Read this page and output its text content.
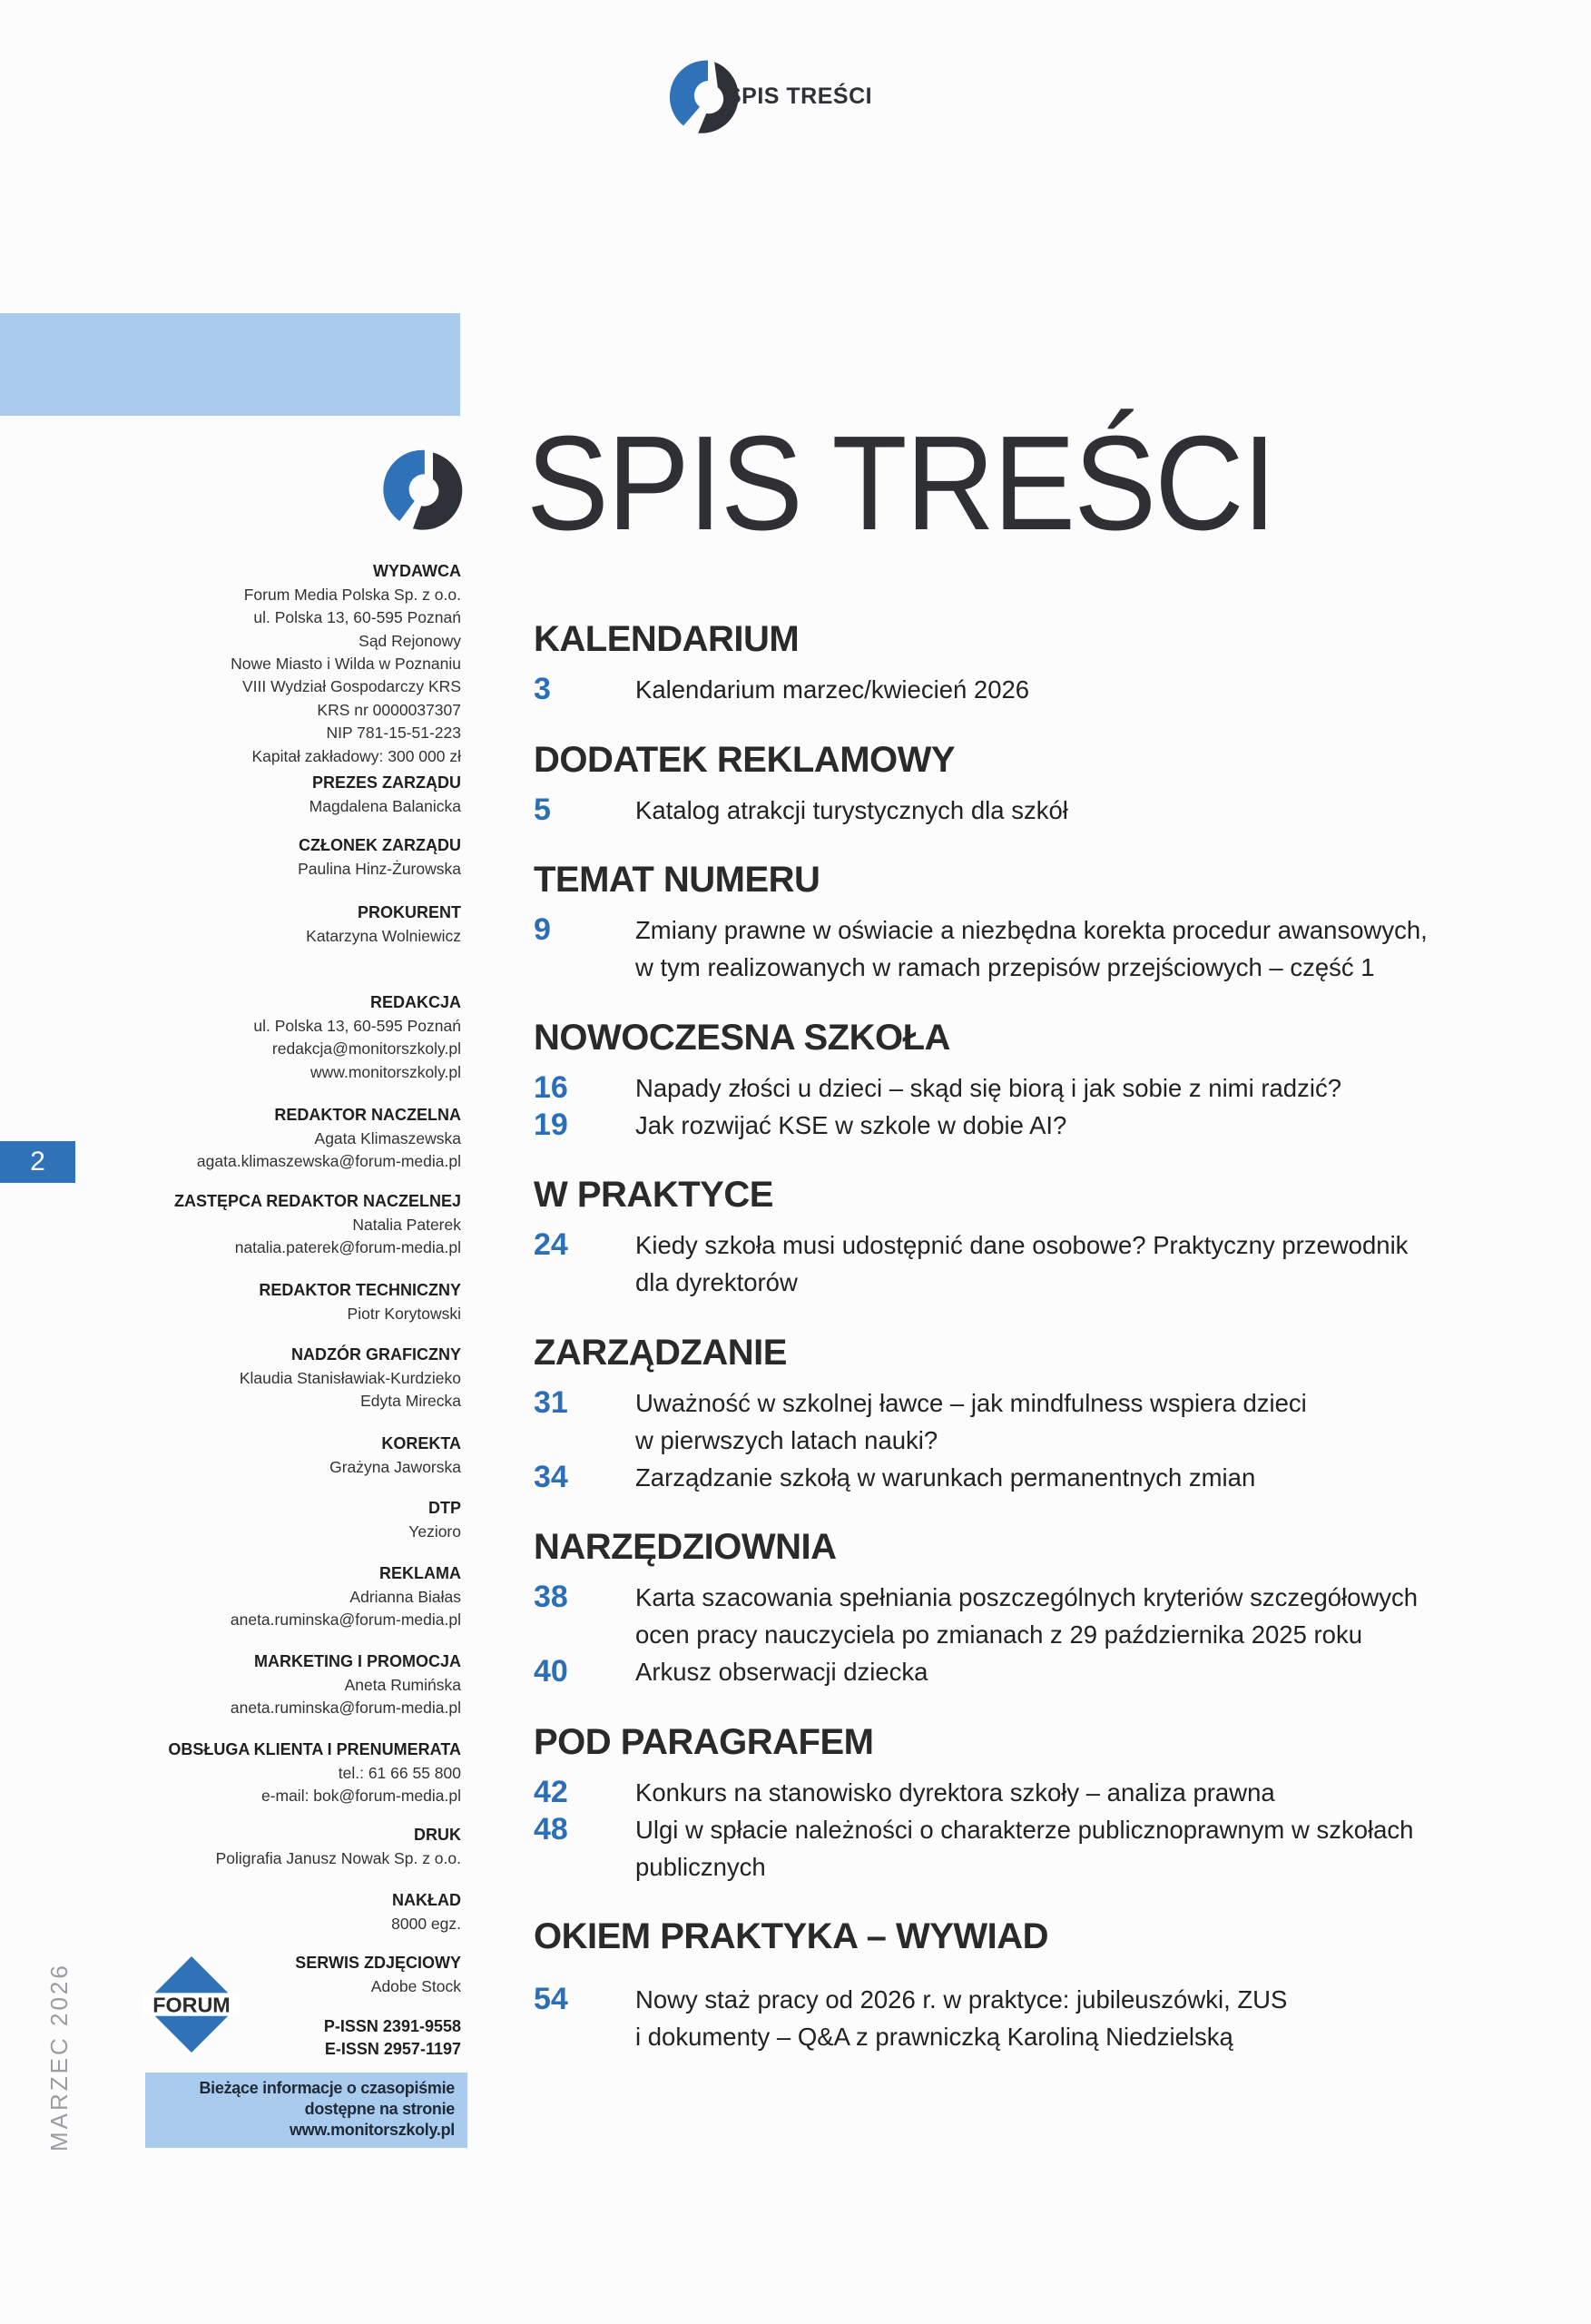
SPIS TREŚCI
SPIS TREŚCI
WYDAWCA
Forum Media Polska Sp. z o.o.
ul. Polska 13, 60-595 Poznań
Sąd Rejonowy
Nowe Miasto i Wilda w Poznaniu
VIII Wydział Gospodarczy KRS
KRS nr 0000037307
NIP 781-15-51-223
Kapitał zakładowy: 300 000 zł
PREZES ZARZĄDU
Magdalena Balanicka
CZŁONEK ZARZĄDU
Paulina Hinz-Żurowska
PROKURENT
Katarzyna Wolniewicz
REDAKCJA
ul. Polska 13, 60-595 Poznań
redakcja@monitorszkoly.pl
www.monitorszkoly.pl
REDAKTOR NACZELNA
Agata Klimaszewska
agata.klimaszewska@forum-media.pl
ZASTĘPCA REDAKTOR NACZELNEJ
Natalia Paterek
natalia.paterek@forum-media.pl
REDAKTOR TECHNICZNY
Piotr Korytowski
NADZÓR GRAFICZNY
Klaudia Stanisławiak-Kurdzieko
Edyta Mirecka
KOREKTA
Grażyna Jaworska
DTP
Yezioro
REKLAMA
Adrianna Białas
aneta.ruminska@forum-media.pl
MARKETING I PROMOCJA
Aneta Rumińska
aneta.ruminska@forum-media.pl
OBSŁUGA KLIENTA I PRENUMERATA
tel.: 61 66 55 800
e-mail: bok@forum-media.pl
DRUK
Poligrafia Janusz Nowak Sp. z o.o.
NAKŁAD
8000 egz.
SERWIS ZDJĘCIOWY
Adobe Stock
2
MARZEC 2026	FORUM
P-ISSN 2391-9558
E-ISSN 2957-1197
Bieżące informacje o czasopiśmie
dostępne na stronie
www.monitorszkoly.pl
KALENDARIUM
3	Kalendarium marzec/kwiecień 2026
DODATEK REKLAMOWY
5	Katalog atrakcji turystycznych dla szkół
TEMAT NUMERU
9	Zmiany prawne w oświacie a niezbędna korekta procedur awansowych,
w tym realizowanych w ramach przepisów przejściowych – część 1
NOWOCZESNA SZKOŁA
16	Napady złości u dzieci – skąd się biorą i jak sobie z nimi radzić?
19	Jak rozwijać KSE w szkole w dobie AI?
W PRAKTYCE
24	Kiedy szkoła musi udostępnić dane osobowe? Praktyczny przewodnik
dla dyrektorów
ZARZĄDZANIE
31	Uważność w szkolnej ławce – jak mindfulness wspiera dzieci
w pierwszych latach nauki?
34	Zarządzanie szkołą w warunkach permanentnych zmian
NARZĘDZIOWNIA
38	Karta szacowania spełniania poszczególnych kryteriów szczegółowych
ocen pracy nauczyciela po zmianach z 29 października 2025 roku
40	Arkusz obserwacji dziecka
POD PARAGRAFEM
42	Konkurs na stanowisko dyrektora szkoły – analiza prawna
48	Ulgi w spłacie należności o charakterze publicznoprawnym w szkołach
publicznych
OKIEM PRAKTYKA – WYWIAD
54	Nowy staż pracy od 2026 r. w praktyce: jubileuszówki, ZUS
i dokumenty – Q&A z prawniczką Karoliną Niedzielską
